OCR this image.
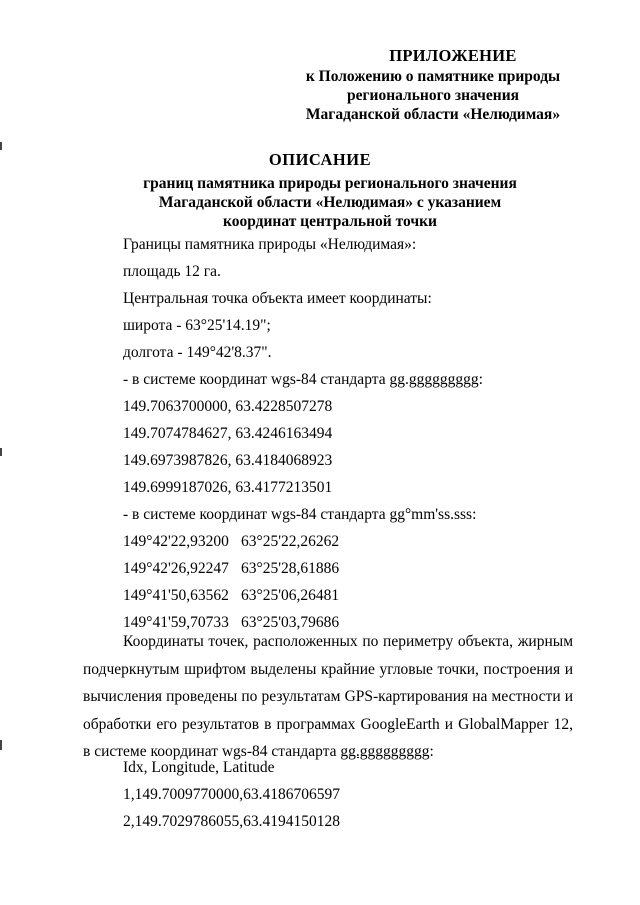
ПРИЛОЖЕНИЕ
к Положению о памятнике природы
регионального значения
Магаданской области «Нелюдимая»
ОПИСАНИЕ
границ памятника природы регионального значения
Магаданской области «Нелюдимая» с указанием
координат центральной точки
Границы памятника природы «Нелюдимая»:
площадь 12 га.
Центральная точка объекта имеет координаты:
широта - 63°25'14.19";
долгота - 149°42'8.37".
- в системе координат wgs-84 стандарта gg.ggggggggg:
149.7063700000, 63.4228507278
149.7074784627, 63.4246163494
149.6973987826, 63.4184068923
149.6999187026, 63.4177213501
- в системе координат wgs-84 стандарта gg°mm'ss.sss:
149°42'22,93200 63°25'22,26262
149°42'26,92247 63°25'28,61886
149°41'50,63562 63°25'06,26481
149°41'59,70733 63°25'03,79686
Координаты точек, расположенных по периметру объекта, жирным подчеркнутым шрифтом выделены крайние угловые точки, построения и вычисления проведены по результатам GPS-картирования на местности и обработки его результатов в программах GoogleEarth и GlobalMapper 12, в системе координат wgs-84 стандарта gg.ggggggggg:
Idx, Longitude, Latitude
1,149.7009770000,63.4186706597
2,149.7029786055,63.4194150128
